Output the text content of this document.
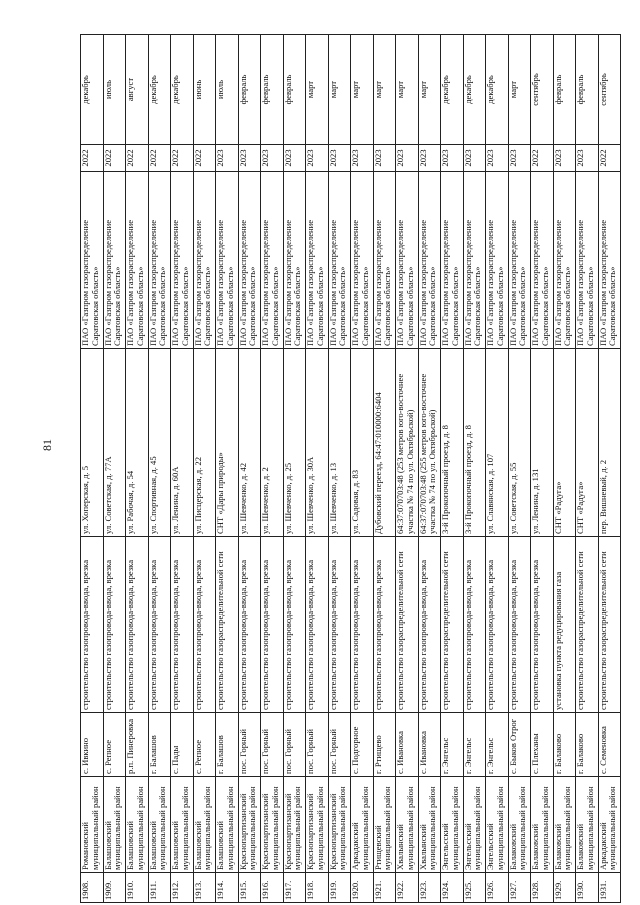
81
1908.	Романовский муниципальный район	с. Ивкино	строительство газопровода-ввода, врезка	ул. Хоперская, д. 5	ПАО «Газпром газораспределение Саратовская область»	2022	декабрь
1909.	Балашовский муниципальный район	с. Репное	строительство газопровода-ввода, врезка	ул. Советская, д. 77А	ПАО «Газпром газораспределение Саратовская область»	2022	июль
1910.	Балашовский муниципальный район	р.п. Пинеровка	строительство газопровода-ввода, врезка	ул. Рабочая, д. 54	ПАО «Газпром газораспределение Саратовская область»	2022	август
1911.	Балашовский муниципальный район	г. Балашов	строительство газопровода-ввода, врезка	ул. Спортивная, д. 45	ПАО «Газпром газораспределение Саратовская область»	2022	декабрь
1912.	Балашовский муниципальный район	с. Пады	строительство газопровода-ввода, врезка	ул. Ленина, д. 60А	ПАО «Газпром газораспределение Саратовская область»	2022	декабрь
1913.	Балашовский муниципальный район	с. Репное	строительство газопровода-ввода, врезка	ул. Писцерская, д. 22	ПАО «Газпром газораспределение Саратовская область»	2022	июнь
1914.	Балашовский муниципальный район	г. Балашов	строительство газораспределительной сети	СНТ «Дары природы»	ПАО «Газпром газораспределение Саратовская область»	2023	июль
1915.	Краснопартизанский муниципальный район	пос. Горный	строительство газопровода-ввода, врезка	ул. Шевченко, д. 42	ПАО «Газпром газораспределение Саратовская область»	2023	февраль
1916.	Краснопартизанский муниципальный район	пос. Горный	строительство газопровода-ввода, врезка	ул. Шевченко, д. 2	ПАО «Газпром газораспределение Саратовская область»	2023	февраль
1917.	Краснопартизанский муниципальный район	пос. Горный	строительство газопровода-ввода, врезка	ул. Шевченко, д. 25	ПАО «Газпром газораспределение Саратовская область»	2023	февраль
1918.	Краснопартизанский муниципальный район	пос. Горный	строительство газопровода-ввода, врезка	ул. Шевченко, д. 30А	ПАО «Газпром газораспределение Саратовская область»	2023	март
1919.	Краснопартизанский муниципальный район	пос. Горный	строительство газопровода-ввода, врезка	ул. Шевченко, д. 13	ПАО «Газпром газораспределение Саратовская область»	2023	март
1920.	Аркадакский муниципальный район	с. Подгорное	строительство газопровода-ввода, врезка	ул. Садовая, д. 83	ПАО «Газпром газораспределение Саратовская область»	2023	март
1921.	Ртищевский муниципальный район	г. Ртищево	строительство газопровода-ввода, врезка	Дубовский переезд, 64:47:010000:6404	ПАО «Газпром газораспределение Саратовская область»	2023	март
1922.	Хвалынский муниципальный район	с. Ивановка	строительство газораспределительной сети	64:37:070703:48 (253 метров юго-восточнее участка № 74 по ул. Октябрьской)	ПАО «Газпром газораспределение Саратовская область»	2023	март
1923.	Хвалынский муниципальный район	с. Ивановка	строительство газопровода-ввода, врезка	64:37:070703:48 (255 метров юго-восточнее участка № 74 по ул. Октябрьской)	ПАО «Газпром газораспределение Саратовская область»	2023	март
1924.	Энгельсский муниципальный район	г. Энгельс	строительство газораспределительной сети	3-й Прокопочный проезд, д. 8	ПАО «Газпром газораспределение Саратовская область»	2023	декабрь
1925.	Энгельсский муниципальный район	г. Энгельс	строительство газопровода-ввода, врезка	3-й Прокопочный проезд, д. 8	ПАО «Газпром газораспределение Саратовская область»	2023	декабрь
1926.	Энгельсский муниципальный район	г. Энгельс	строительство газопровода-ввода, врезка	ул. Славянская, д. 107	ПАО «Газпром газораспределение Саратовская область»	2023	декабрь
1927.	Балаковский муниципальный район	с. Быков Отрог	строительство газопровода-ввода, врезка	ул. Советская, д. 55	ПАО «Газпром газораспределение Саратовская область»	2023	март
1928.	Балаковский муниципальный район	с. Плеханы	строительство газопровода-ввода, врезка	ул. Ленина, д. 131	ПАО «Газпром газораспределение Саратовская область»	2022	сентябрь
1929.	Балаковский муниципальный район	г. Балаково	установка пункта редуцирования газа	СНТ «Радуга»	ПАО «Газпром газораспределение Саратовская область»	2023	февраль
1930.	Балаковский муниципальный район	г. Балаково	строительство газораспределительной сети	СНТ «Радуга»	ПАО «Газпром газораспределение Саратовская область»	2023	февраль
1931.	Аркадакский муниципальный район	с. Семеновка	строительство газораспределительной сети	пер. Вишневый, д. 2	ПАО «Газпром газораспределение Саратовская область»	2022	сентябрь
